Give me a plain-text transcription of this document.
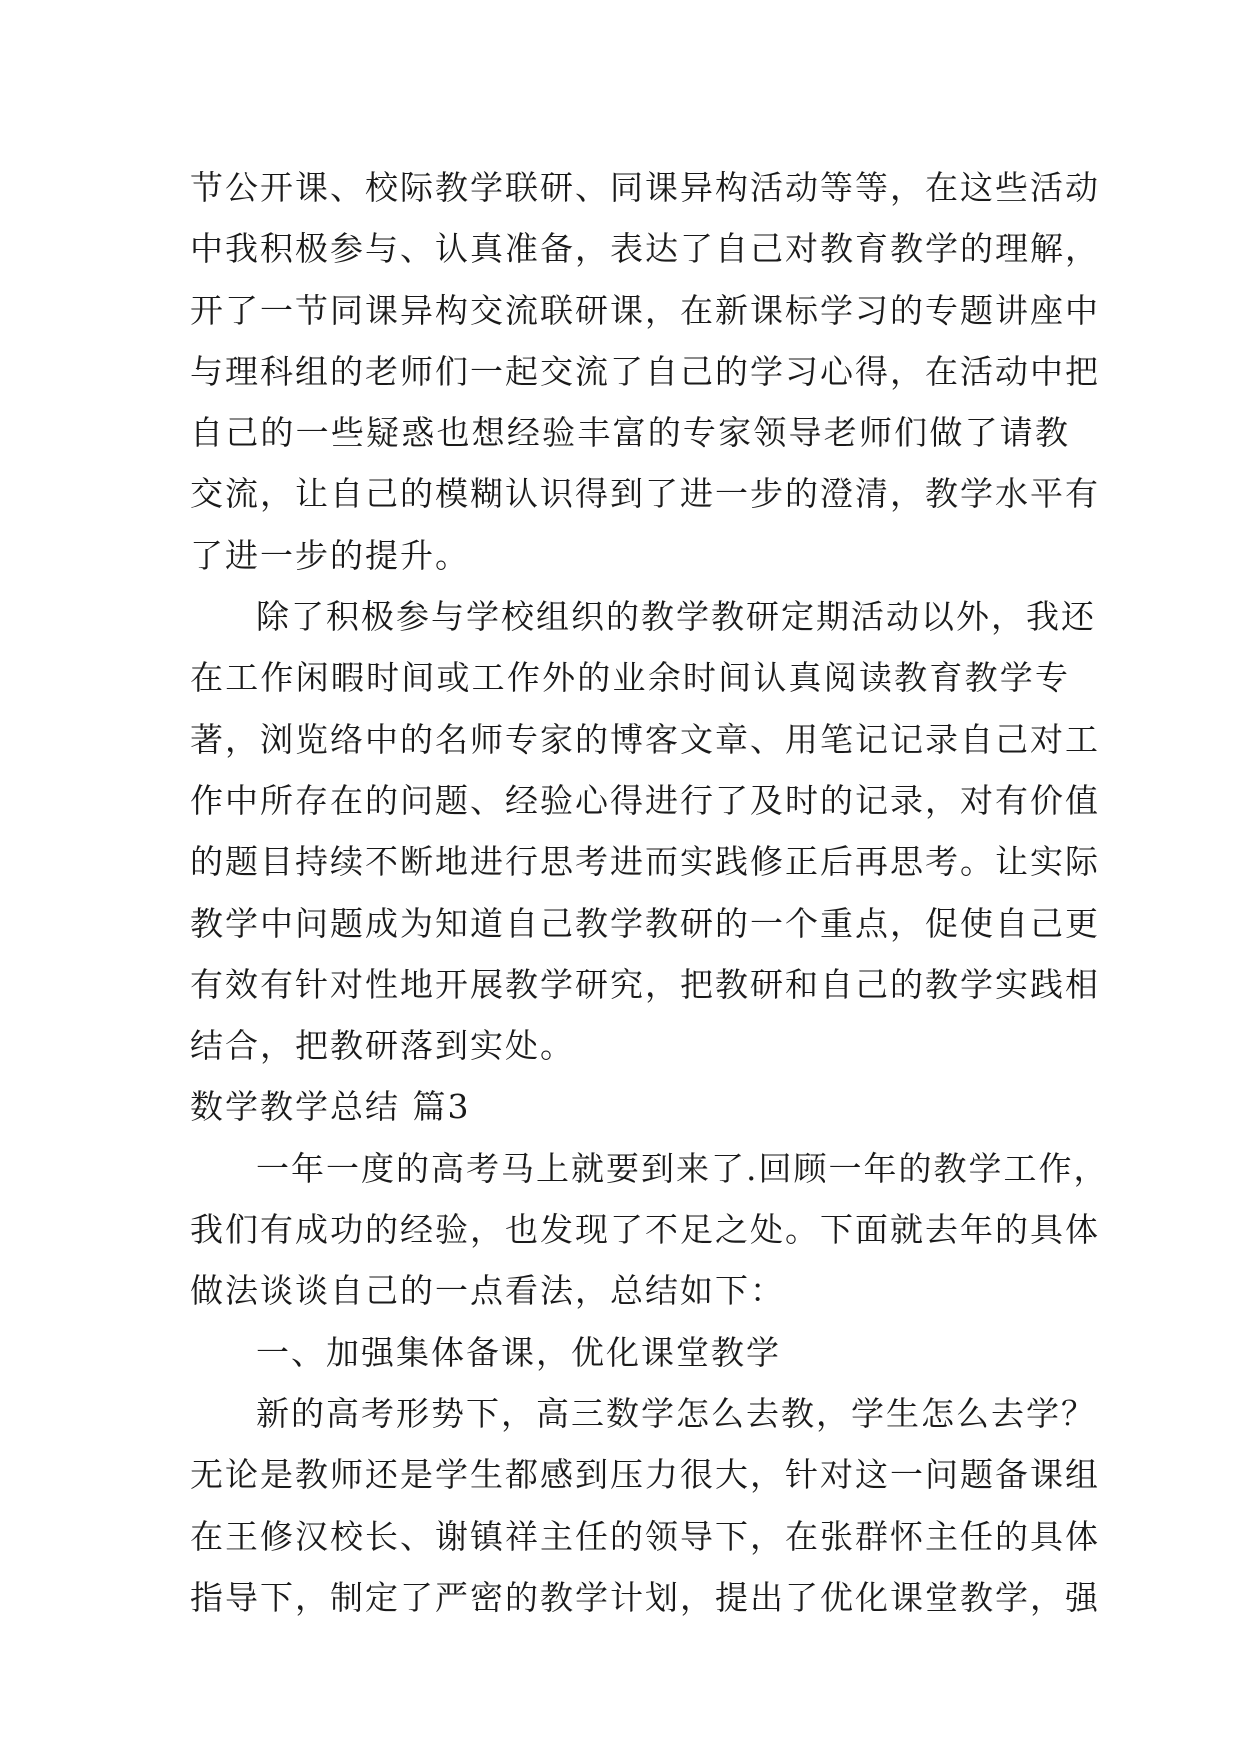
节公开课、校际教学联研、同课异构活动等等，在这些活动
中我积极参与、认真准备，表达了自己对教育教学的理解，
开了一节同课异构交流联研课，在新课标学习的专题讲座中
与理科组的老师们一起交流了自己的学习心得，在活动中把
自己的一些疑惑也想经验丰富的专家领导老师们做了请教
交流，让自己的模糊认识得到了进一步的澄清，教学水平有
了进一步的提升。
除了积极参与学校组织的教学教研定期活动以外，我还
在工作闲暇时间或工作外的业余时间认真阅读教育教学专
著，浏览络中的名师专家的博客文章、用笔记记录自己对工
作中所存在的问题、经验心得进行了及时的记录，对有价值
的题目持续不断地进行思考进而实践修正后再思考。让实际
教学中问题成为知道自己教学教研的一个重点，促使自己更
有效有针对性地开展教学研究，把教研和自己的教学实践相
结合，把教研落到实处。
数学教学总结 篇3
一年一度的高考马上就要到来了.回顾一年的教学工作，
我们有成功的经验，也发现了不足之处。下面就去年的具体
做法谈谈自己的一点看法，总结如下：
一、加强集体备课，优化课堂教学
新的高考形势下，高三数学怎么去教，学生怎么去学？
无论是教师还是学生都感到压力很大，针对这一问题备课组
在王修汉校长、谢镇祥主任的领导下，在张群怀主任的具体
指导下，制定了严密的教学计划，提出了优化课堂教学，强
